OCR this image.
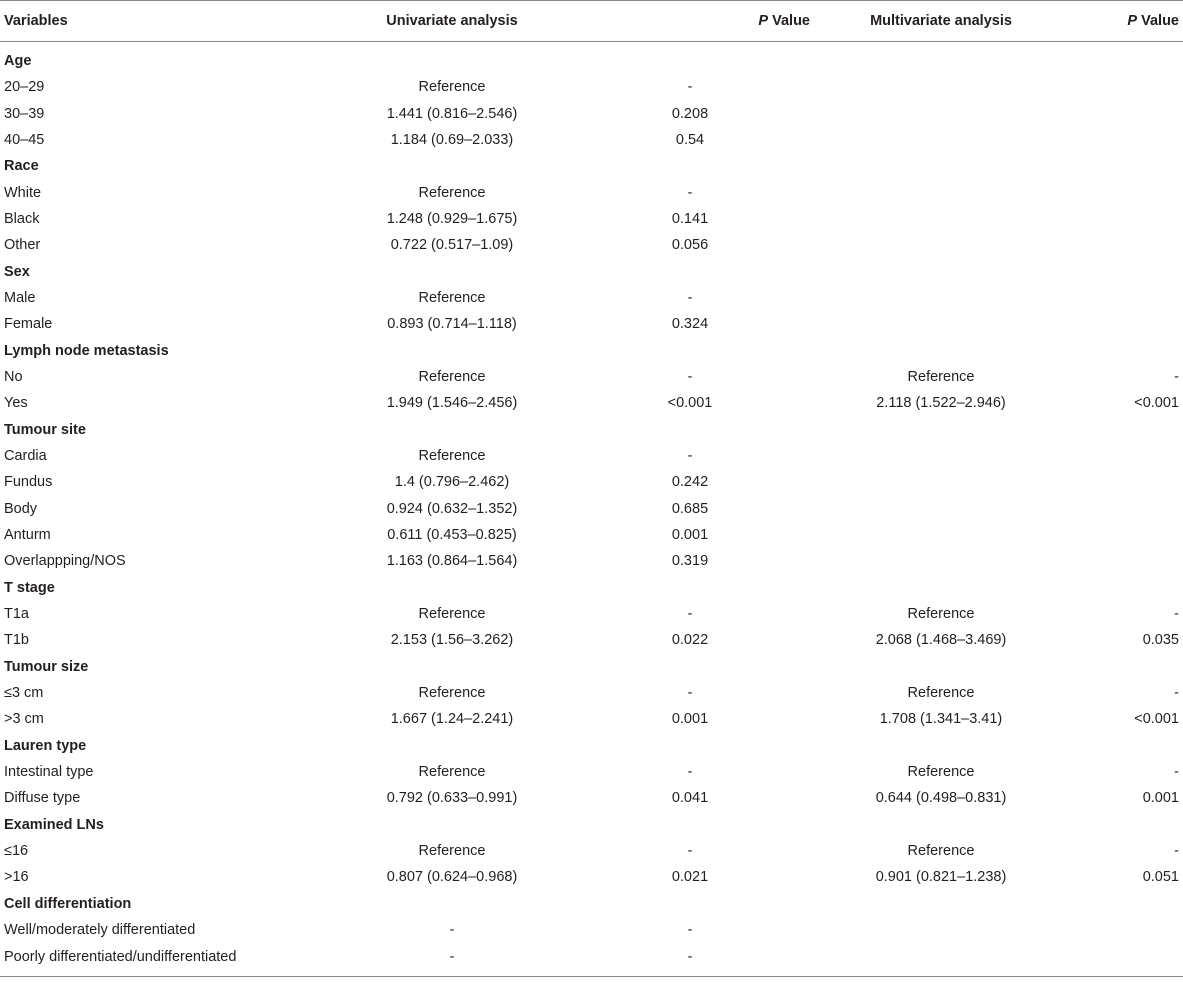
Variables	Univariate analysis	P Value	Multivariate analysis	P Value
Age				
20–29	Reference	-		
30–39	1.441 (0.816–2.546)	0.208		
40–45	1.184 (0.69–2.033)	0.54		
Race				
White	Reference	-		
Black	1.248 (0.929–1.675)	0.141		
Other	0.722 (0.517–1.09)	0.056		
Sex				
Male	Reference	-		
Female	0.893 (0.714–1.118)	0.324		
Lymph node metastasis				
No	Reference	-	Reference	-
Yes	1.949 (1.546–2.456)	<0.001	2.118 (1.522–2.946)	<0.001
Tumour site				
Cardia	Reference	-		
Fundus	1.4 (0.796–2.462)	0.242		
Body	0.924 (0.632–1.352)	0.685		
Anturm	0.611 (0.453–0.825)	0.001		
Overlappping/NOS	1.163 (0.864–1.564)	0.319		
T stage				
T1a	Reference	-	Reference	-
T1b	2.153 (1.56–3.262)	0.022	2.068 (1.468–3.469)	0.035
Tumour size				
≤3 cm	Reference	-	Reference	-
>3 cm	1.667 (1.24–2.241)	0.001	1.708 (1.341–3.41)	<0.001
Lauren type				
Intestinal type	Reference	-	Reference	-
Diffuse type	0.792 (0.633–0.991)	0.041	0.644 (0.498–0.831)	0.001
Examined LNs				
≤16	Reference	-	Reference	-
>16	0.807 (0.624–0.968)	0.021	0.901 (0.821–1.238)	0.051
Cell differentiation				
Well/moderately differentiated	-	-		
Poorly differentiated/undifferentiated	-	-		
